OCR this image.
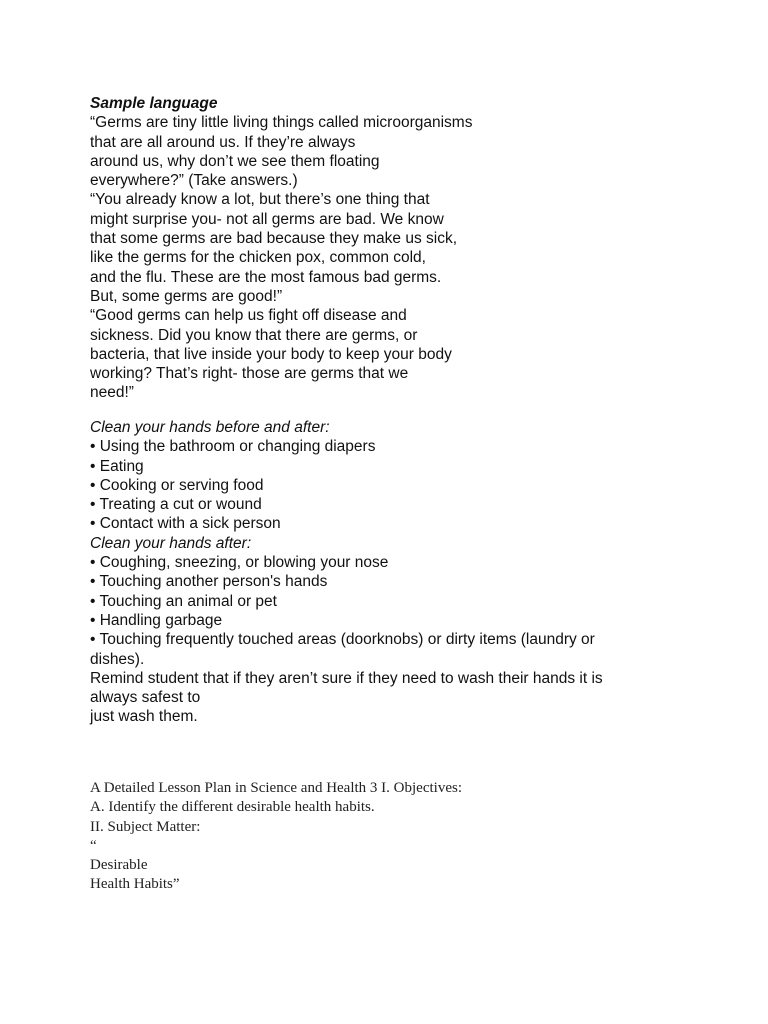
Sample language
“Germs are tiny little living things called microorganisms
that are all around us. If they’re always
around us, why don’t we see them floating
everywhere?” (Take answers.)
“You already know a lot, but there’s one thing that
might surprise you- not all germs are bad. We know
that some germs are bad because they make us sick,
like the germs for the chicken pox, common cold,
and the flu. These are the most famous bad germs.
But, some germs are good!”
“Good germs can help us fight off disease and
sickness. Did you know that there are germs, or
bacteria, that live inside your body to keep your body
working? That’s right- those are germs that we
need!”
Clean your hands before and after:
• Using the bathroom or changing diapers
• Eating
• Cooking or serving food
• Treating a cut or wound
• Contact with a sick person
Clean your hands after:
• Coughing, sneezing, or blowing your nose
• Touching another person's hands
• Touching an animal or pet
• Handling garbage
• Touching frequently touched areas (doorknobs) or dirty items (laundry or
dishes).
Remind student that if they aren’t sure if they need to wash their hands it is
always safest to
just wash them.
A Detailed Lesson Plan in Science and Health 3 I. Objectives:
A. Identify the different desirable health habits.
II. Subject Matter:
“
Desirable
Health Habits”
